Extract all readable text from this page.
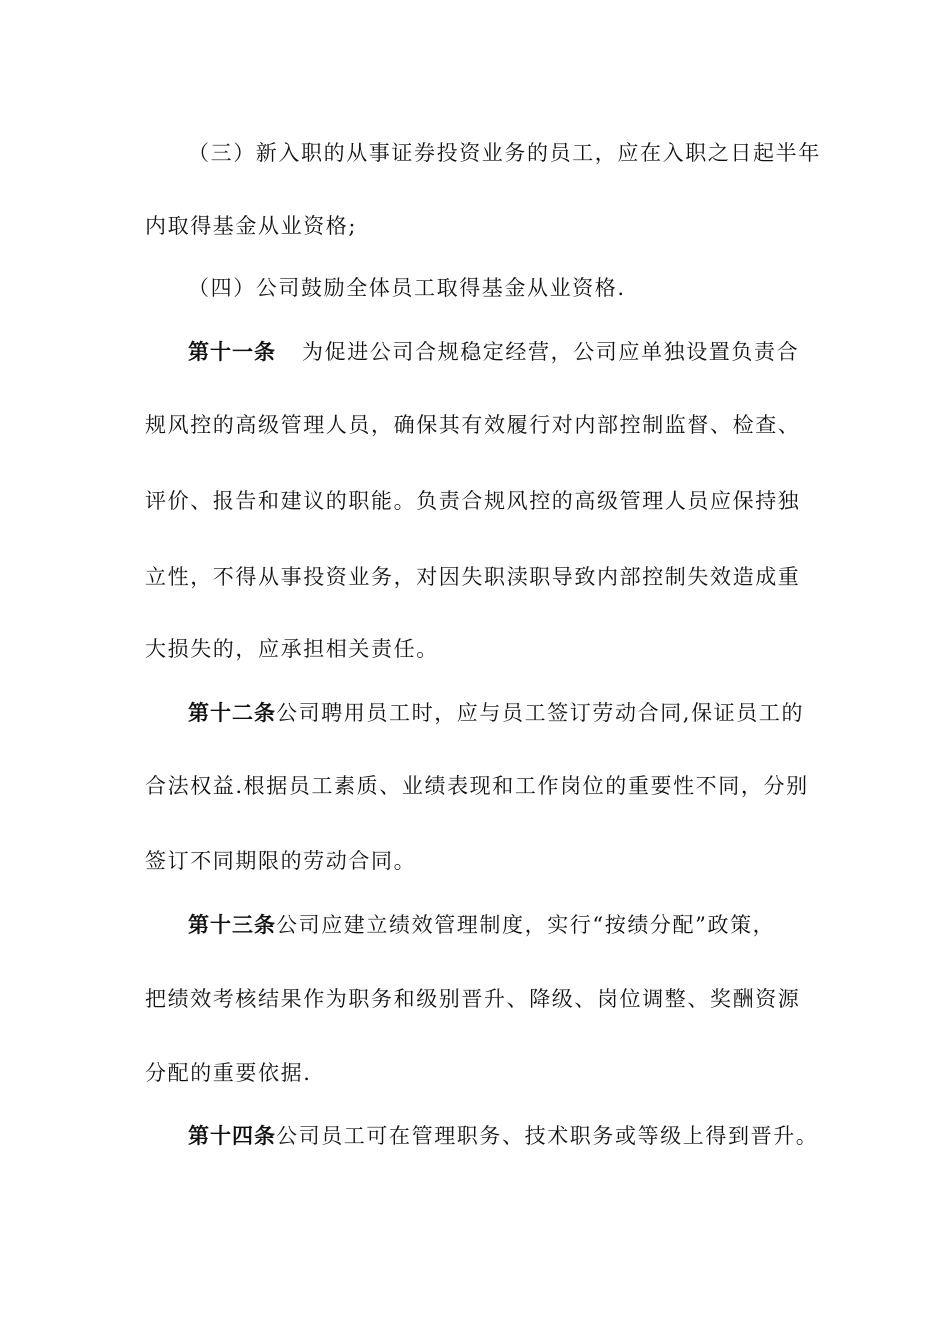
（三）新入职的从事证券投资业务的员工，应在入职之日起半年
内取得基金从业资格;
（四）公司鼓励全体员工取得基金从业资格.
第十一条 为促进公司合规稳定经营，公司应单独设置负责合
规风控的高级管理人员，确保其有效履行对内部控制监督、检查、
评价、报告和建议的职能。负责合规风控的高级管理人员应保持独
立性，不得从事投资业务，对因失职渎职导致内部控制失效造成重
大损失的，应承担相关责任。
第十二条公司聘用员工时，应与员工签订劳动合同,保证员工的
合法权益.根据员工素质、业绩表现和工作岗位的重要性不同，分别
签订不同期限的劳动合同。
第十三条公司应建立绩效管理制度，实行“按绩分配”政策，
把绩效考核结果作为职务和级别晋升、降级、岗位调整、奖酬资源
分配的重要依据.
第十四条公司员工可在管理职务、技术职务或等级上得到晋升。
